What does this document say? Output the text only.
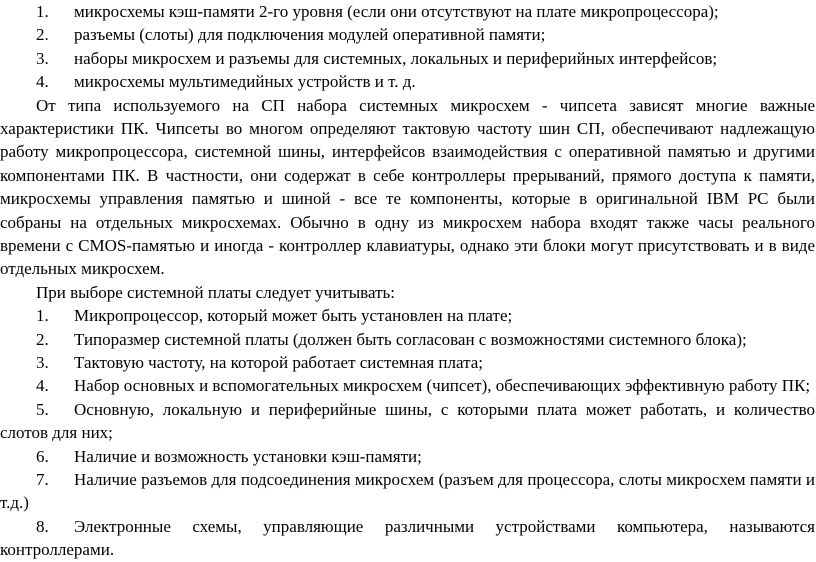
1. микросхемы кэш-памяти 2-го уровня (если они отсутствуют на плате микропроцессора);
2. разъемы (слоты) для подключения модулей оперативной памяти;
3. наборы микросхем и разъемы для системных, локальных и периферийных интерфейсов;
4. микросхемы мультимедийных устройств и т. д.

От типа используемого на СП набора системных микросхем - чипсета зависят многие важные характеристики ПК. Чипсеты во многом определяют тактовую частоту шин СП, обеспечивают надлежащую работу микропроцессора, системной шины, интерфейсов взаимодействия с оперативной памятью и другими компонентами ПК. В частности, они содержат в себе контроллеры прерываний, прямого доступа к памяти, микросхемы управления памятью и шиной - все те компоненты, которые в оригинальной IBM PC были собраны на отдельных микросхемах. Обычно в одну из микросхем набора входят также часы реального времени с CMOS-памятью и иногда - контроллер клавиатуры, однако эти блоки могут присутствовать и в виде отдельных микросхем.

При выборе системной платы следует учитывать:

1. Микропроцессор, который может быть установлен на плате;
2. Типоразмер системной платы (должен быть согласован с возможностями системного блока);
3. Тактовую частоту, на которой работает системная плата;
4. Набор основных и вспомогательных микросхем (чипсет), обеспечивающих эффективную работу ПК;

5. Основную, локальную и периферийные шины, с которыми плата может работать, и количество слотов для них;

6. Наличие и возможность установки кэш-памяти;

7. Наличие разъемов для подсоединения микросхем (разъем для процессора, слоты микросхем памяти и т.д.)

8. Электронные схемы, управляющие различными устройствами компьютера, называются контроллерами.
